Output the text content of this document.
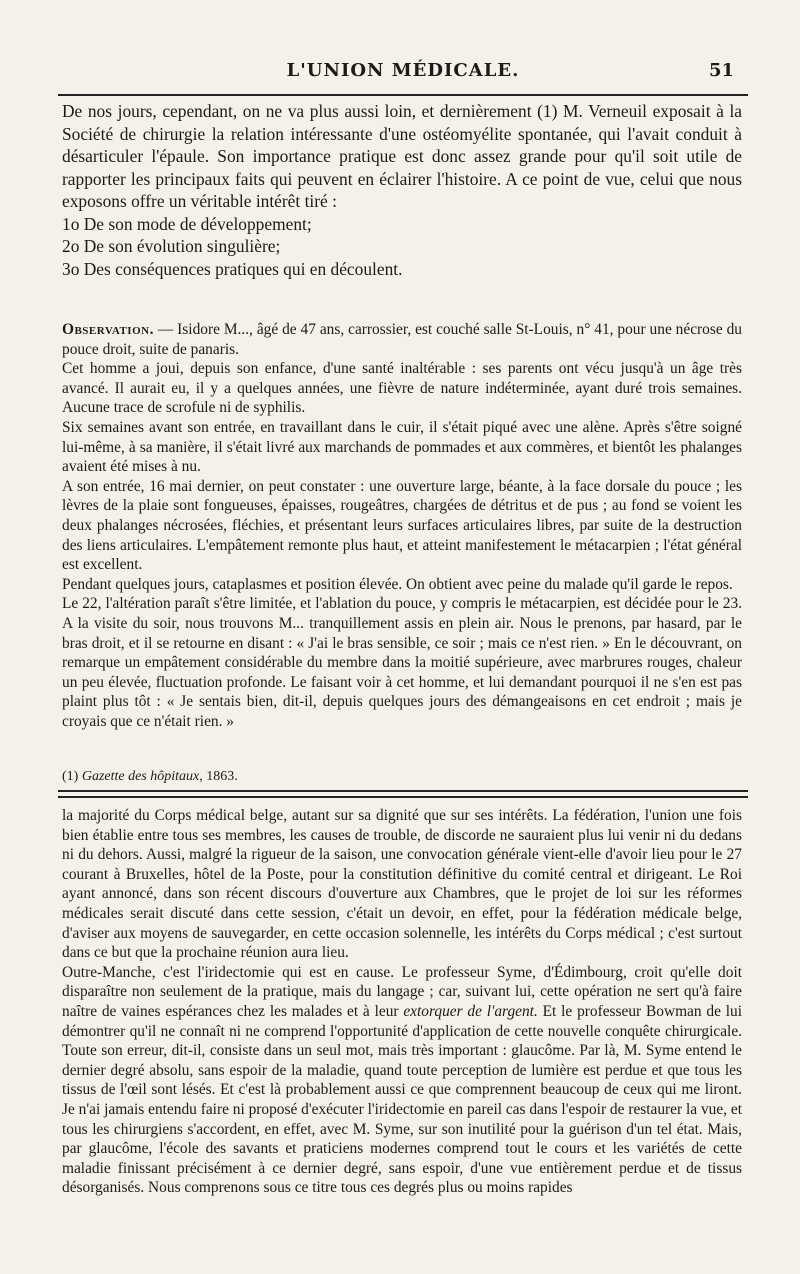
L'UNION MÉDICALE.	51

De nos jours, cependant, on ne va plus aussi loin, et dernièrement (1) M. Verneuil exposait à la Société de chirurgie la relation intéressante d'une ostéomyélite spontanée, qui l'avait conduit à désarticuler l'épaule. Son importance pratique est donc assez grande pour qu'il soit utile de rapporter les principaux faits qui peuvent en éclairer l'histoire. A ce point de vue, celui que nous exposons offre un véritable intérêt tiré :

1o De son mode de développement;

2o De son évolution singulière;

3o Des conséquences pratiques qui en découlent.

Observation. — Isidore M..., âgé de 47 ans, carrossier, est couché salle St-Louis, n° 41, pour une nécrose du pouce droit, suite de panaris.

Cet homme a joui, depuis son enfance, d'une santé inaltérable : ses parents ont vécu jusqu'à un âge très avancé. Il aurait eu, il y a quelques années, une fièvre de nature indéterminée, ayant duré trois semaines. Aucune trace de scrofule ni de syphilis.

Six semaines avant son entrée, en travaillant dans le cuir, il s'était piqué avec une alène. Après s'être soigné lui-même, à sa manière, il s'était livré aux marchands de pommades et aux commères, et bientôt les phalanges avaient été mises à nu.

A son entrée, 16 mai dernier, on peut constater : une ouverture large, béante, à la face dorsale du pouce ; les lèvres de la plaie sont fongueuses, épaisses, rougeâtres, chargées de détritus et de pus ; au fond se voient les deux phalanges nécrosées, fléchies, et présentant leurs surfaces articulaires libres, par suite de la destruction des liens articulaires. L'empâtement remonte plus haut, et atteint manifestement le métacarpien ; l'état général est excellent.

Pendant quelques jours, cataplasmes et position élevée. On obtient avec peine du malade qu'il garde le repos.

Le 22, l'altération paraît s'être limitée, et l'ablation du pouce, y compris le métacarpien, est décidée pour le 23. A la visite du soir, nous trouvons M... tranquillement assis en plein air. Nous le prenons, par hasard, par le bras droit, et il se retourne en disant : « J'ai le bras sensible, ce soir ; mais ce n'est rien. » En le découvrant, on remarque un empâtement considérable du membre dans la moitié supérieure, avec marbrures rouges, chaleur un peu élevée, fluctuation profonde. Le faisant voir à cet homme, et lui demandant pourquoi il ne s'en est pas plaint plus tôt : « Je sentais bien, dit-il, depuis quelques jours des démangeaisons en cet endroit ; mais je croyais que ce n'était rien. »

(1) Gazette des hôpitaux, 1863.

la majorité du Corps médical belge, autant sur sa dignité que sur ses intérêts. La fédération, l'union une fois bien établie entre tous ses membres, les causes de trouble, de discorde ne sauraient plus lui venir ni du dedans ni du dehors. Aussi, malgré la rigueur de la saison, une convocation générale vient-elle d'avoir lieu pour le 27 courant à Bruxelles, hôtel de la Poste, pour la constitution définitive du comité central et dirigeant. Le Roi ayant annoncé, dans son récent discours d'ouverture aux Chambres, que le projet de loi sur les réformes médicales serait discuté dans cette session, c'était un devoir, en effet, pour la fédération médicale belge, d'aviser aux moyens de sauvegarder, en cette occasion solennelle, les intérêts du Corps médical ; c'est surtout dans ce but que la prochaine réunion aura lieu.

Outre-Manche, c'est l'iridectomie qui est en cause. Le professeur Syme, d'Édimbourg, croit qu'elle doit disparaître non seulement de la pratique, mais du langage ; car, suivant lui, cette opération ne sert qu'à faire naître de vaines espérances chez les malades et à leur extorquer de l'argent. Et le professeur Bowman de lui démontrer qu'il ne connaît ni ne comprend l'opportunité d'application de cette nouvelle conquête chirurgicale. Toute son erreur, dit-il, consiste dans un seul mot, mais très important : glaucôme. Par là, M. Syme entend le dernier degré absolu, sans espoir de la maladie, quand toute perception de lumière est perdue et que tous les tissus de l'œil sont lésés. Et c'est là probablement aussi ce que comprennent beaucoup de ceux qui me liront. Je n'ai jamais entendu faire ni proposé d'exécuter l'iridectomie en pareil cas dans l'espoir de restaurer la vue, et tous les chirurgiens s'accordent, en effet, avec M. Syme, sur son inutilité pour la guérison d'un tel état. Mais, par glaucôme, l'école des savants et praticiens modernes comprend tout le cours et les variétés de cette maladie finissant précisément à ce dernier degré, sans espoir, d'une vue entièrement perdue et de tissus désorganisés. Nous comprenons sous ce titre tous ces degrés plus ou moins rapides
